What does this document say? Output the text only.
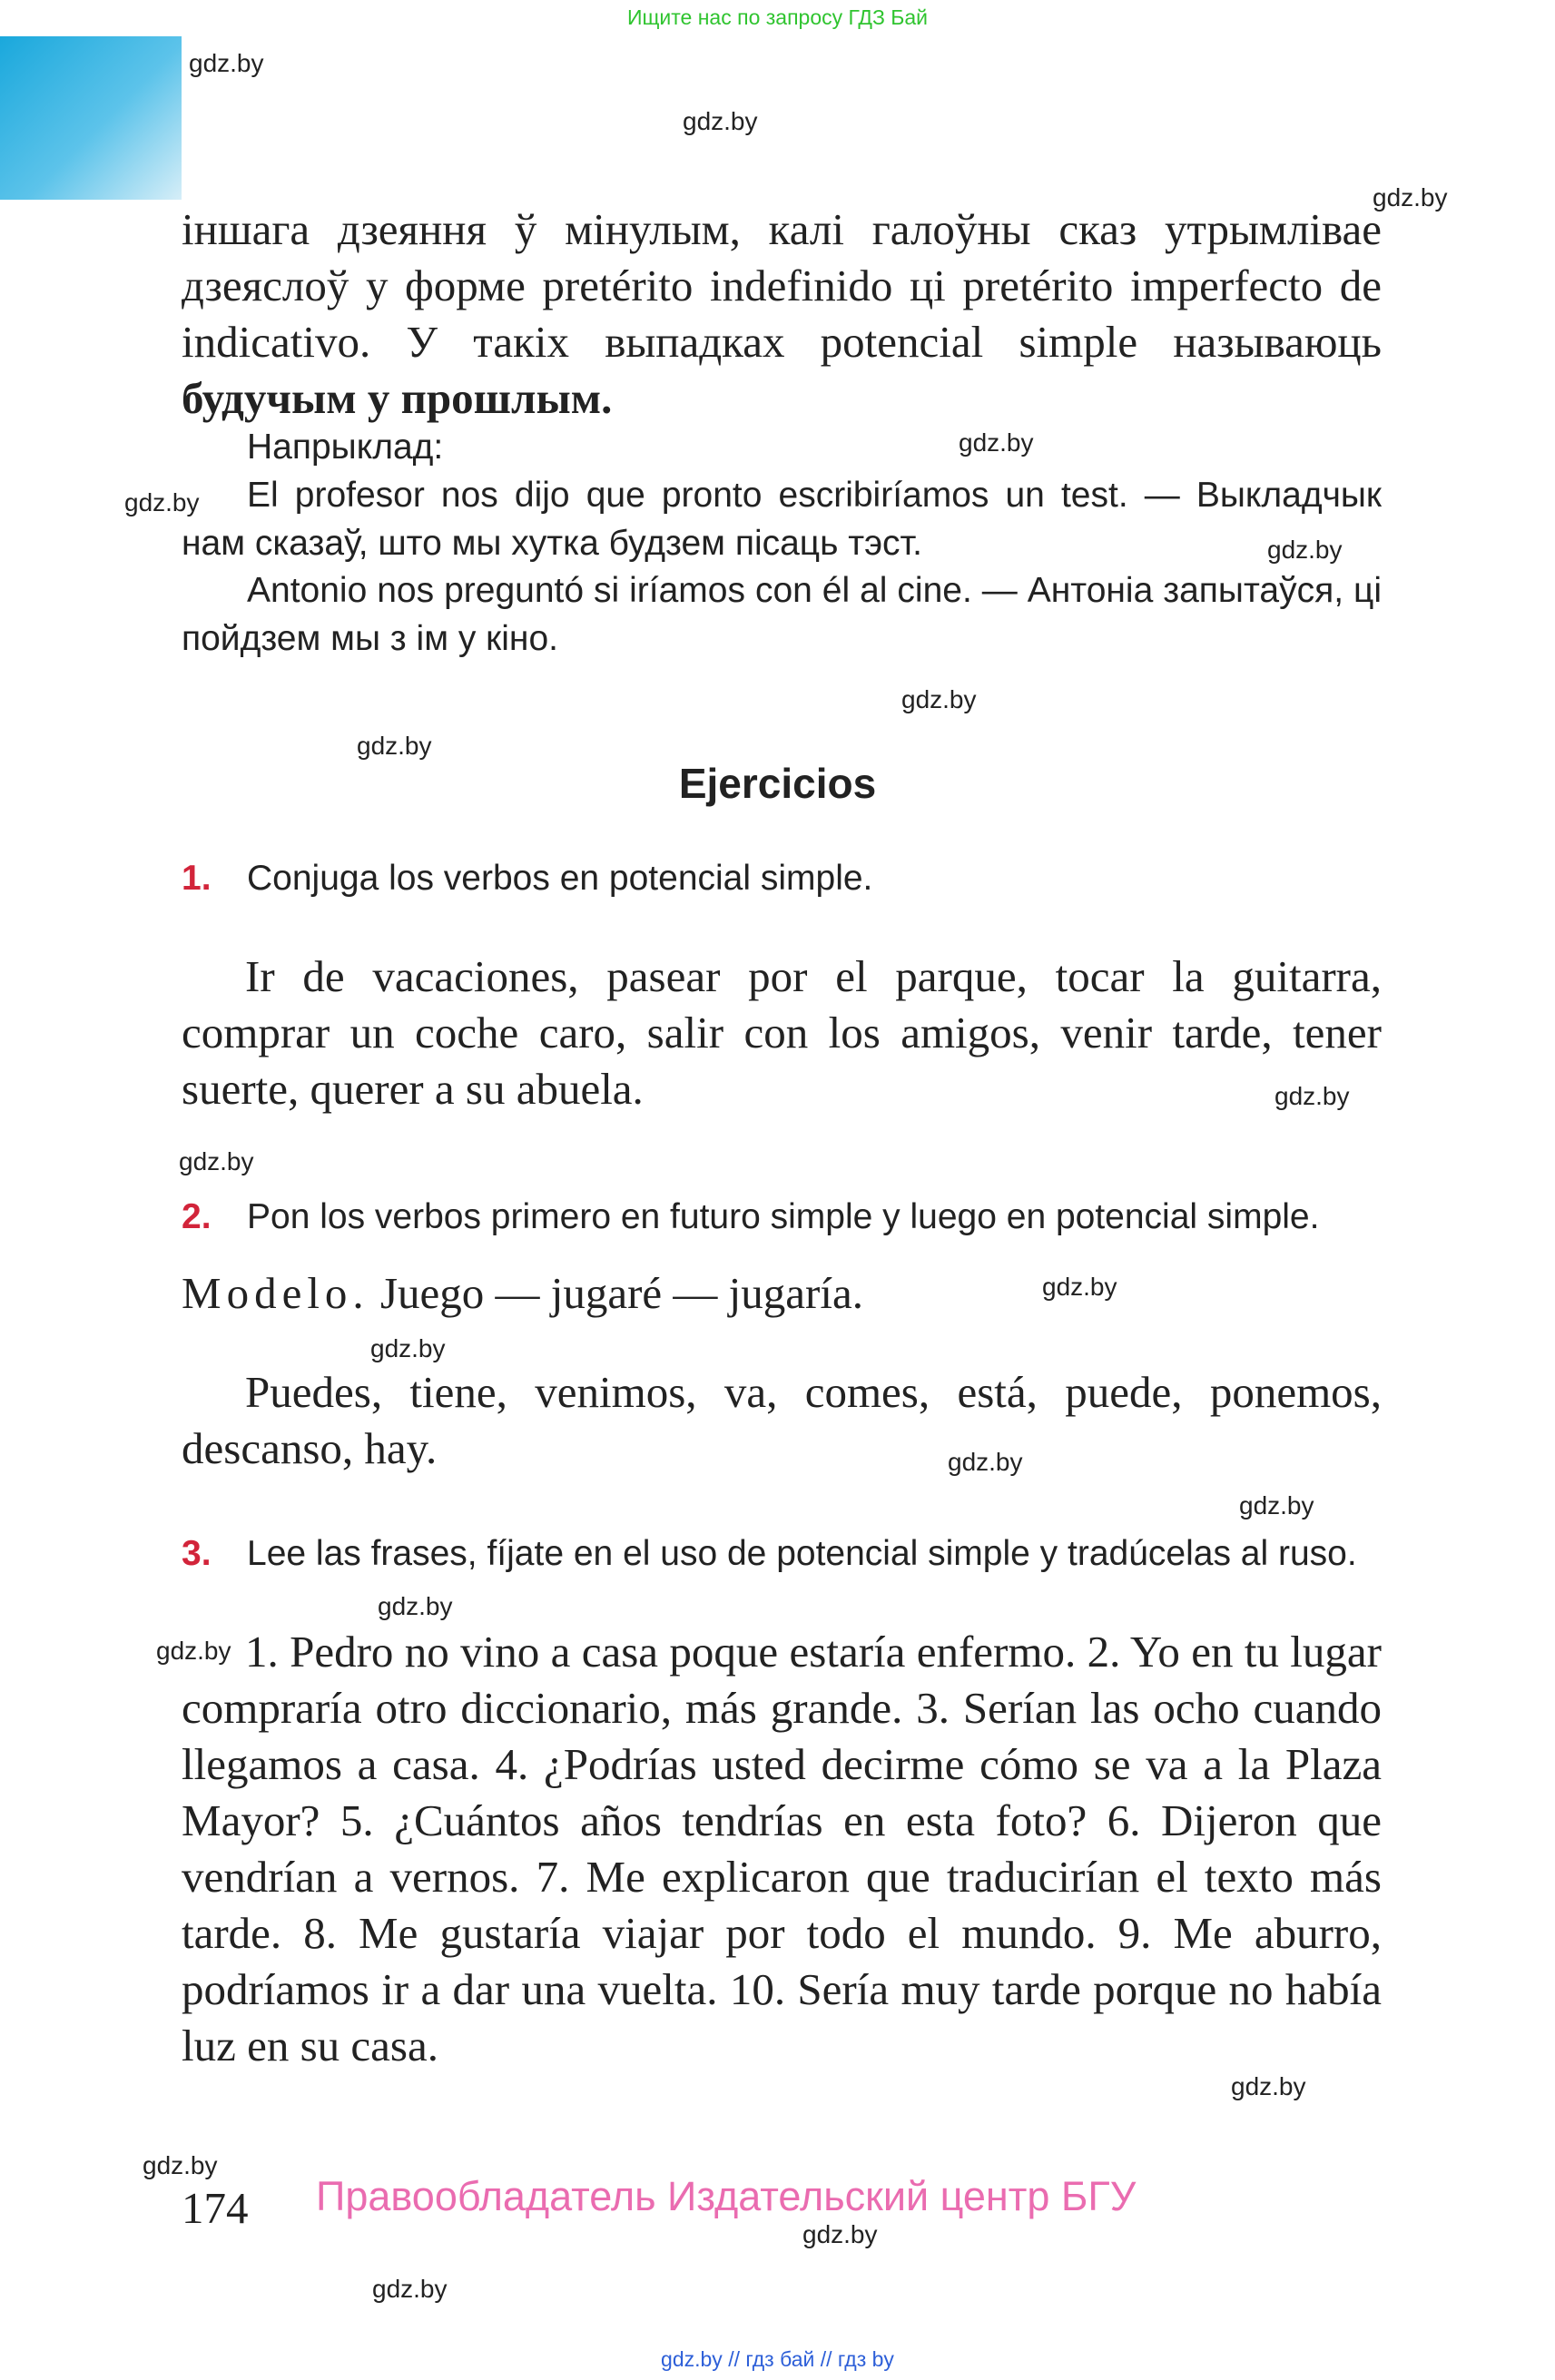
Ищите нас по запросу ГДЗ Бай
gdz.by
gdz.by
gdz.by
gdz.by
gdz.by
gdz.by
gdz.by
gdz.by
gdz.by
gdz.by
gdz.by
gdz.by
gdz.by
gdz.by
gdz.by
gdz.by
gdz.by
gdz.by
gdz.by
gdz.by
іншага дзеяння ў мінулым, калі галоўны сказ утрымлівае дзеяслоў у форме pretérito indefinido ці pretérito imperfecto de indicativo. У такіх выпадках potencial simple называюць будучым у прошлым.
Напрыклад:
El profesor nos dijo que pronto escribiríamos un test. — Выкладчык нам сказаў, што мы хутка будзем пісаць тэст.
Antonio nos preguntó si iríamos con él al cine. — Антоніа запытаўся, ці пойдзем мы з ім у кіно.
Ejercicios
1. Conjuga los verbos en potencial simple.
Ir de vacaciones, pasear por el parque, tocar la guitarra, comprar un coche caro, salir con los amigos, venir tarde, tener suerte, querer a su abuela.
2. Pon los verbos primero en futuro simple y luego en potencial simple.
Modelo. Juego — jugaré — jugaría.
Puedes, tiene, venimos, va, comes, está, puede, ponemos, descanso, hay.
3. Lee las frases, fíjate en el uso de potencial simple y tradúcelas al ruso.
1. Pedro no vino a casa poque estaría enfermo. 2. Yo en tu lugar compraría otro diccionario, más grande. 3. Serían las ocho cuando llegamos a casa. 4. ¿Podrías usted decirme cómo se va a la Plaza Mayor? 5. ¿Cuántos años tendrías en esta foto? 6. Dijeron que vendrían a vernos. 7. Me explicaron que traducirían el texto más tarde. 8. Me gustaría viajar por todo el mundo. 9. Me aburro, podríamos ir a dar una vuelta. 10. Sería muy tarde porque no había luz en su casa.
174 Правообладатель Издательский центр БГУ
gdz.by // гдз бай // гдз by
